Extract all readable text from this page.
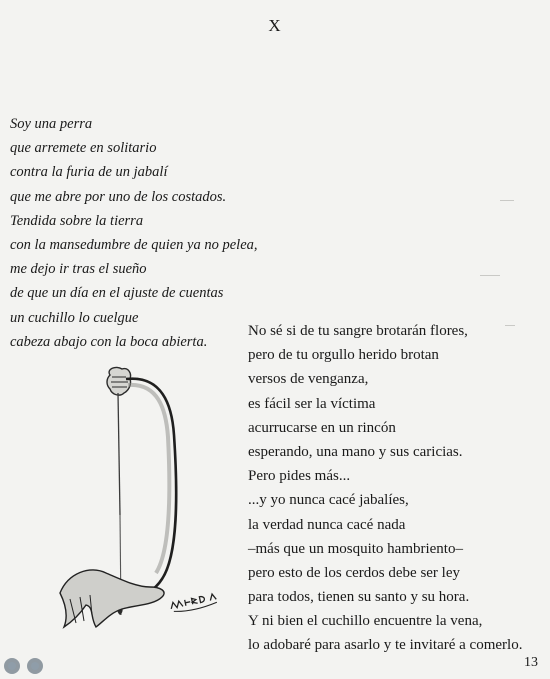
X
Soy una perra
que arremete en solitario
contra la furia de un jabalí
que me abre por uno de los costados.
Tendida sobre la tierra
con la mansedumbre de quien ya no pelea,
me dejo ir tras el sueño
de que un día en el ajuste de cuentas
un cuchillo lo cuelgue
cabeza abajo con la boca abierta.
No sé si de tu sangre brotarán flores,
pero de tu orgullo herido brotan
versos de venganza,
es fácil ser la víctima
acurrucarse en un rincón
esperando, una mano y sus caricias.
Pero pides más...
...y yo nunca cacé jabalíes,
la verdad nunca cacé nada
–más que un mosquito hambriento–
pero esto de los cerdos debe ser ley
para todos, tienen su santo y su hora.
Y ni bien el cuchillo encuentre la vena,
lo adobaré para asarlo y te invitaré a comerlo.
13
